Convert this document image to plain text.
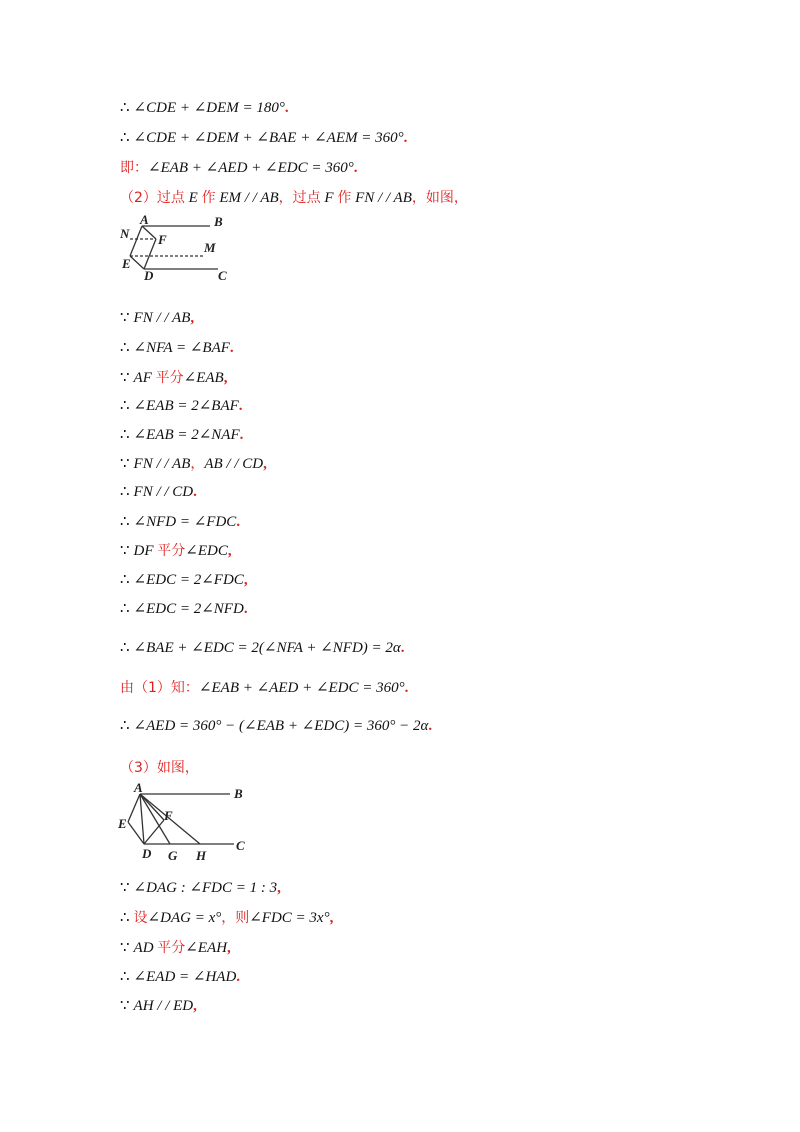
∴ ∠CDE + ∠DEM = 180°.
∴ ∠CDE + ∠DEM + ∠BAE + ∠AEM = 360°.
即：∠EAB + ∠AED + ∠EDC = 360°.
（2）过点 E 作 EM / / AB，过点 F 作 FN / / AB，如图，
A	B
N F
M
E
D	C
∵ FN / / AB,
∴ ∠NFA = ∠BAF.
∵ AF 平分∠EAB,
∴ ∠EAB = 2∠BAF.
∴ ∠EAB = 2∠NAF.
∵ FN / / AB，AB / / CD,
∴ FN / / CD.
∴ ∠NFD = ∠FDC.
∵ DF 平分∠EDC,
∴ ∠EDC = 2∠FDC,
∴ ∠EDC = 2∠NFD.
∴ ∠BAE + ∠EDC = 2(∠NFA + ∠NFD) = 2α.
由（1）知：∠EAB + ∠AED + ∠EDC = 360°.
∴ ∠AED = 360° − (∠EAB + ∠EDC) = 360° − 2α.
（3）如图，
A	B
E
F
D G H
C
∵ ∠DAG : ∠FDC = 1 : 3,
∴ 设∠DAG = x°，则∠FDC = 3x°,
∵ AD 平分∠EAH,
∴ ∠EAD = ∠HAD.
∵ AH / / ED,
